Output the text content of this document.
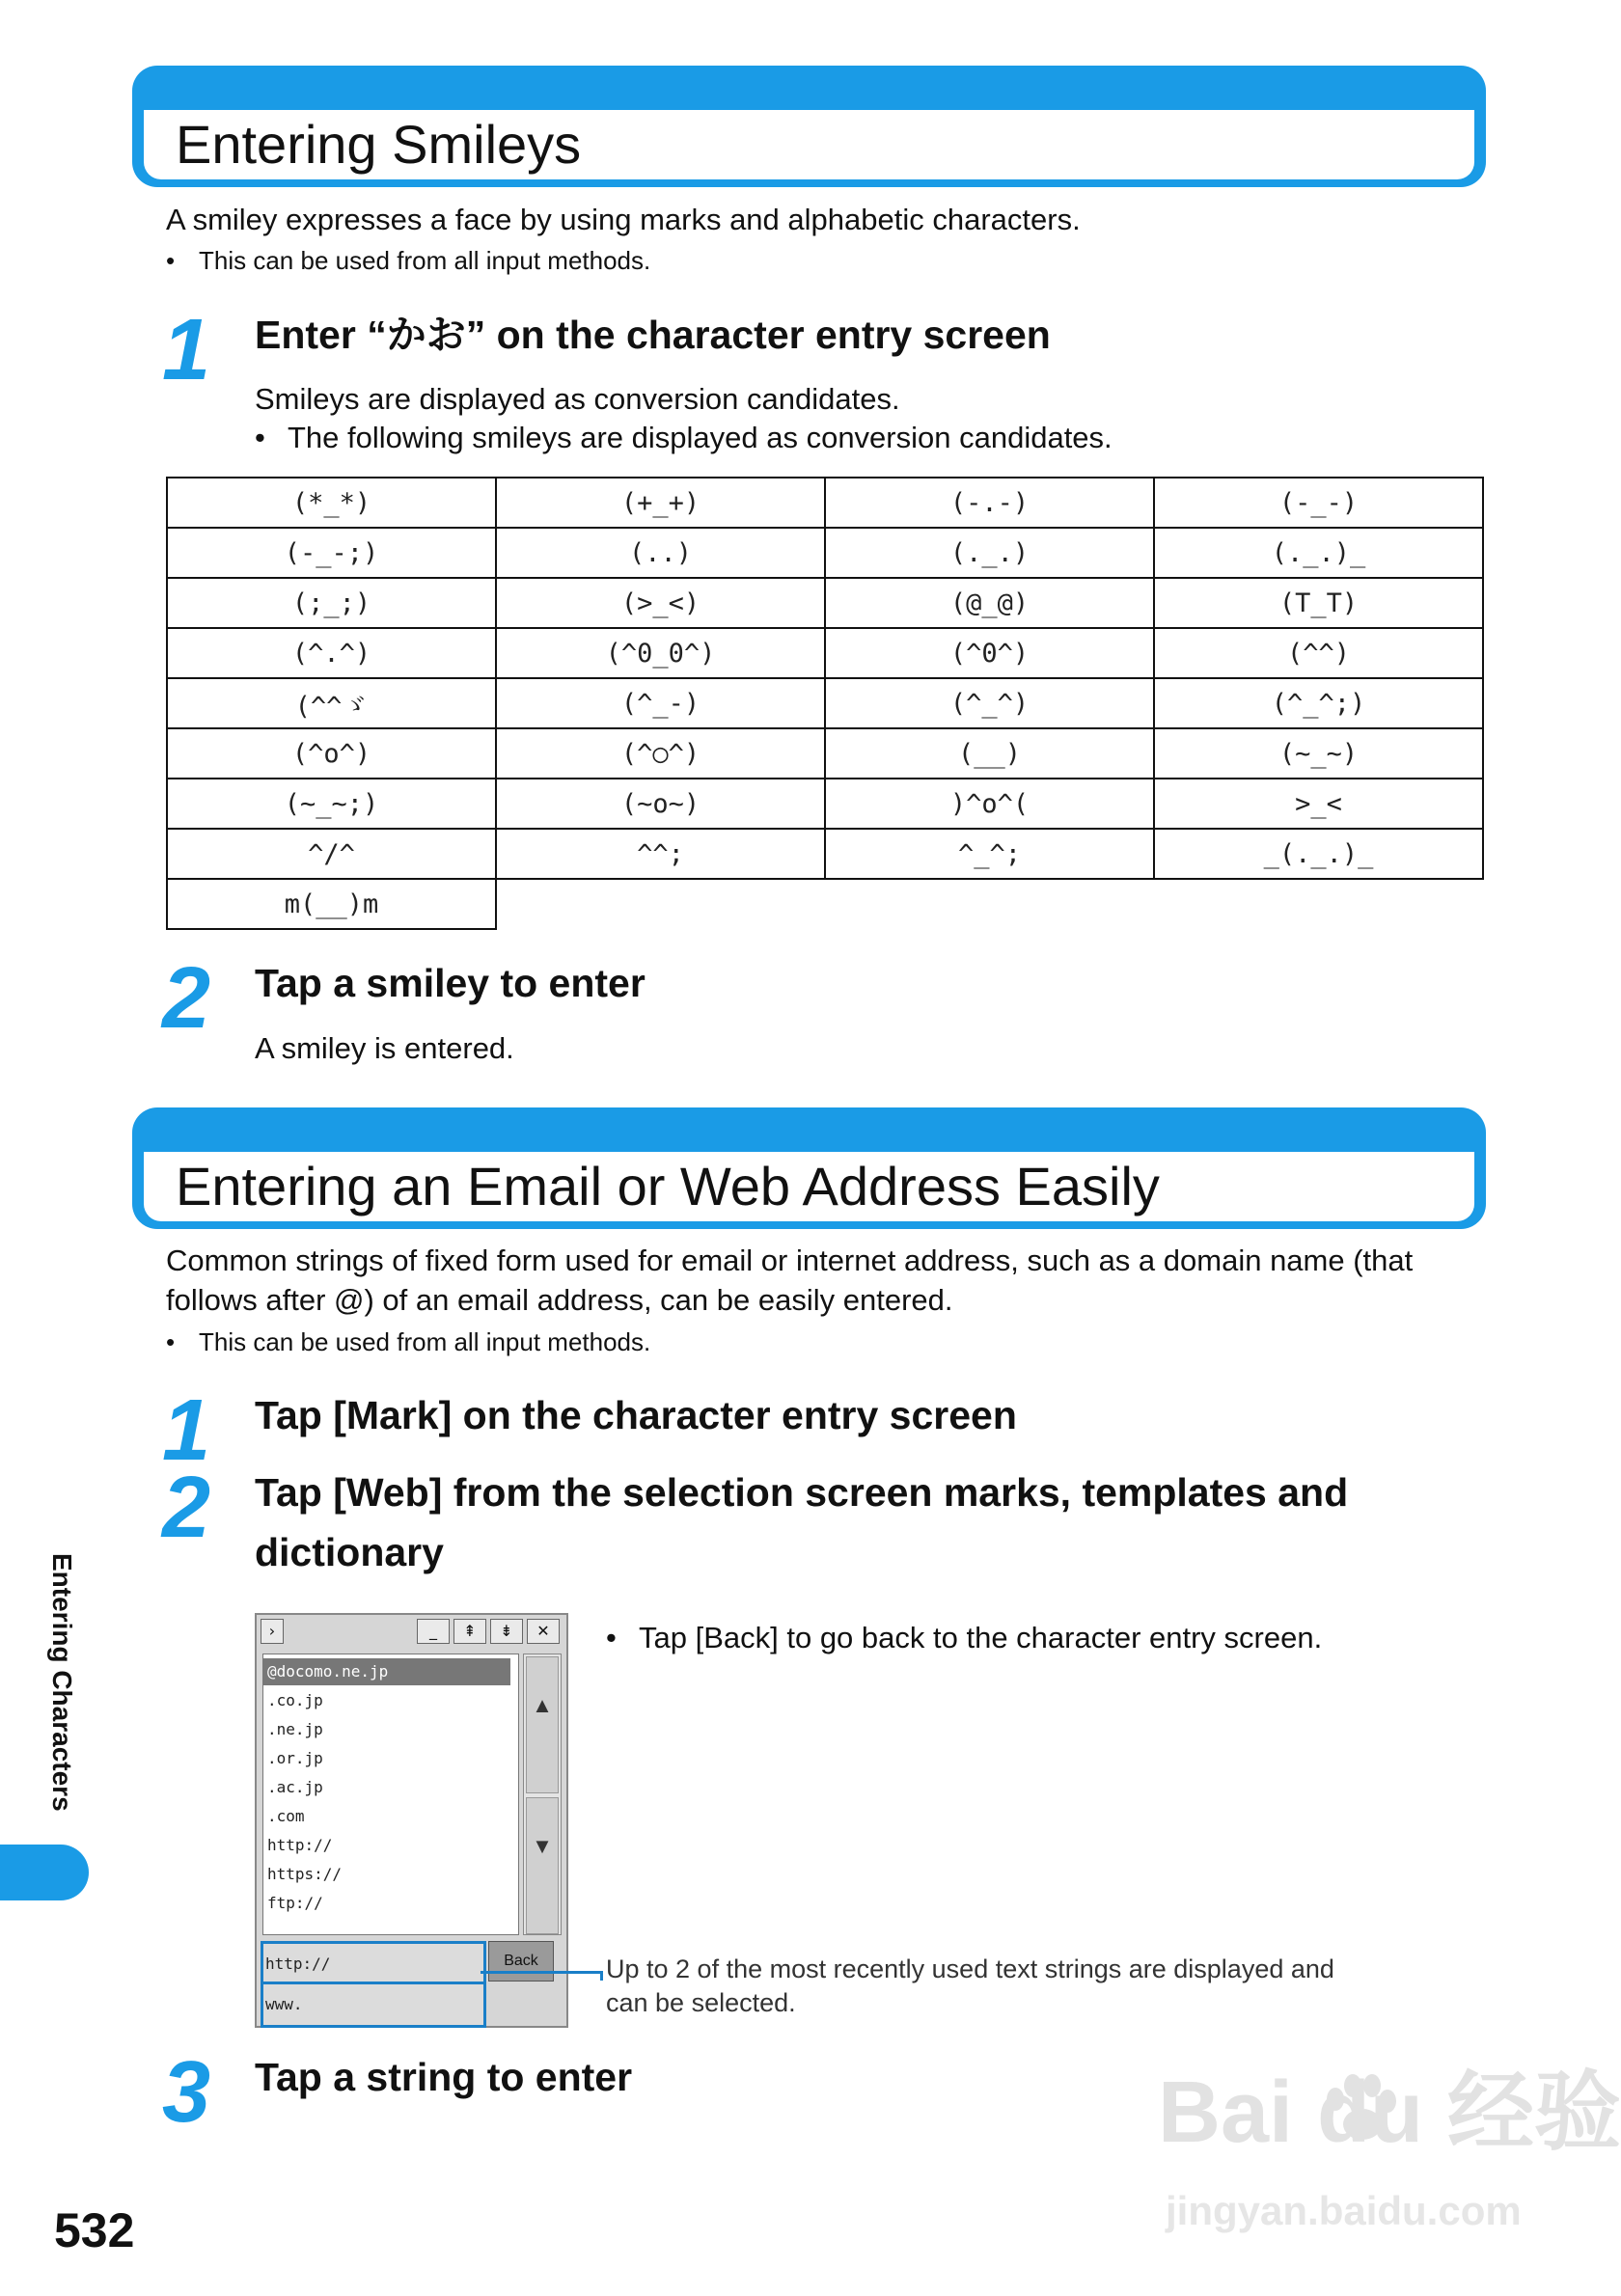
Entering Smileys
A smiley expresses a face by using marks and alphabetic characters.
• This can be used from all input methods.
1 Enter “かお” on the character entry screen
Smileys are displayed as conversion candidates.
• The following smileys are displayed as conversion candidates.
(*_*)	(+_+)	(-.-)	(-_-)
(-_-;)	(..)	(._.)	(._.)_
(;_;)	(>_<)	(@_@)	(T_T)
(^.^)	(^0_0^)	(^0^)	(^^)
(^^ゞ	(^_-)	(^_^)	(^_^;)
(^o^)	(^○^)	(__)	(~_~)
(~_~;)	(~o~)	)^o^(	>_<
^/^	^^;	^_^;	_(._.)_
m(__)m			
2 Tap a smiley to enter
A smiley is entered.
Entering an Email or Web Address Easily
Common strings of fixed form used for email or internet address, such as a domain name (that
follows after @) of an email address, can be easily entered.
• This can be used from all input methods.
1 Tap [Mark] on the character entry screen
2 Tap [Web] from the selection screen marks, templates and
dictionary
›	_	⇞	⇟	✕
@docomo.ne.jp
.co.jp
.ne.jp
.or.jp
.ac.jp
.com
http://
https://
ftp://
▲
▼
http://
www.
Back	Up to 2 of the most recently used text strings are displayed and
can be selected.
• Tap [Back] to go back to the character entry screen.
3 Tap a string to enter
Entering Characters
532
Bai du 经验
jingyan.baidu.com
